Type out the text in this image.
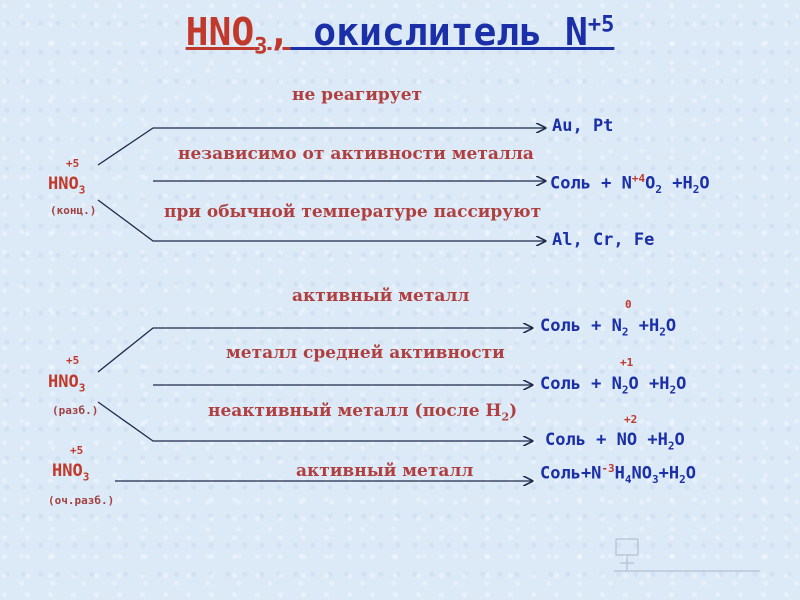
$HNO_3$, окислитель $N^{+5}$
+5
$HNO_3$
(конц.)
не реагирует
Au, Pt
независимо от активности металла
Соль + $N^{+4}O_2 +H_2O$
при обычной температуре пассируют
Al, Cr, Fe
+5
$HNO_3$
(разб.)
активный металл	0
Соль + $N_2 +H_2O$
металл средней активности	+1
Соль + $N_2O +H_2O$
неактивный металл (после $H_2$)	+2
Соль + NO $+H_2O$
+5
$HNO_3$
(оч.разб.)
активный металл	$Соль+N^{-3}H_4NO_3+H_2O$
